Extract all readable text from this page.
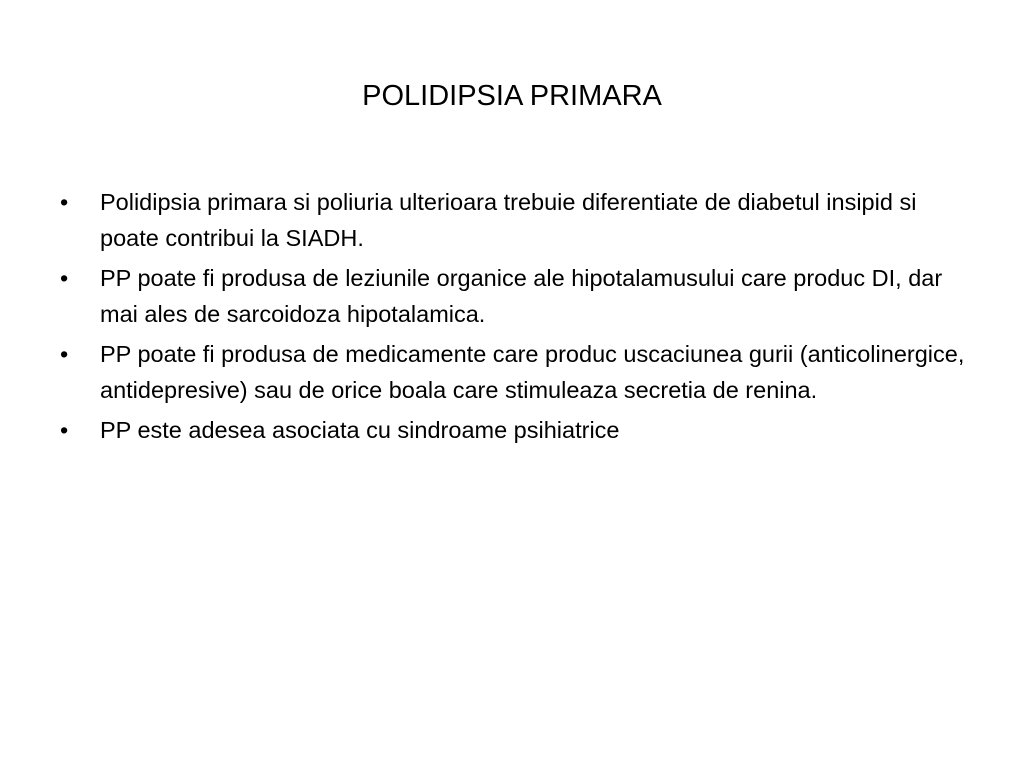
POLIDIPSIA PRIMARA
•	Polidipsia primara si poliuria ulterioara trebuie diferentiate de diabetul insipid si poate contribui la SIADH.
•	PP poate fi produsa de leziunile organice ale hipotalamusului care produc DI, dar mai ales de sarcoidoza hipotalamica.
•	PP poate fi produsa de medicamente care produc uscaciunea gurii (anticolinergice, antidepresive) sau de orice boala care stimuleaza secretia de renina.
•	PP este adesea asociata cu sindroame psihiatrice
